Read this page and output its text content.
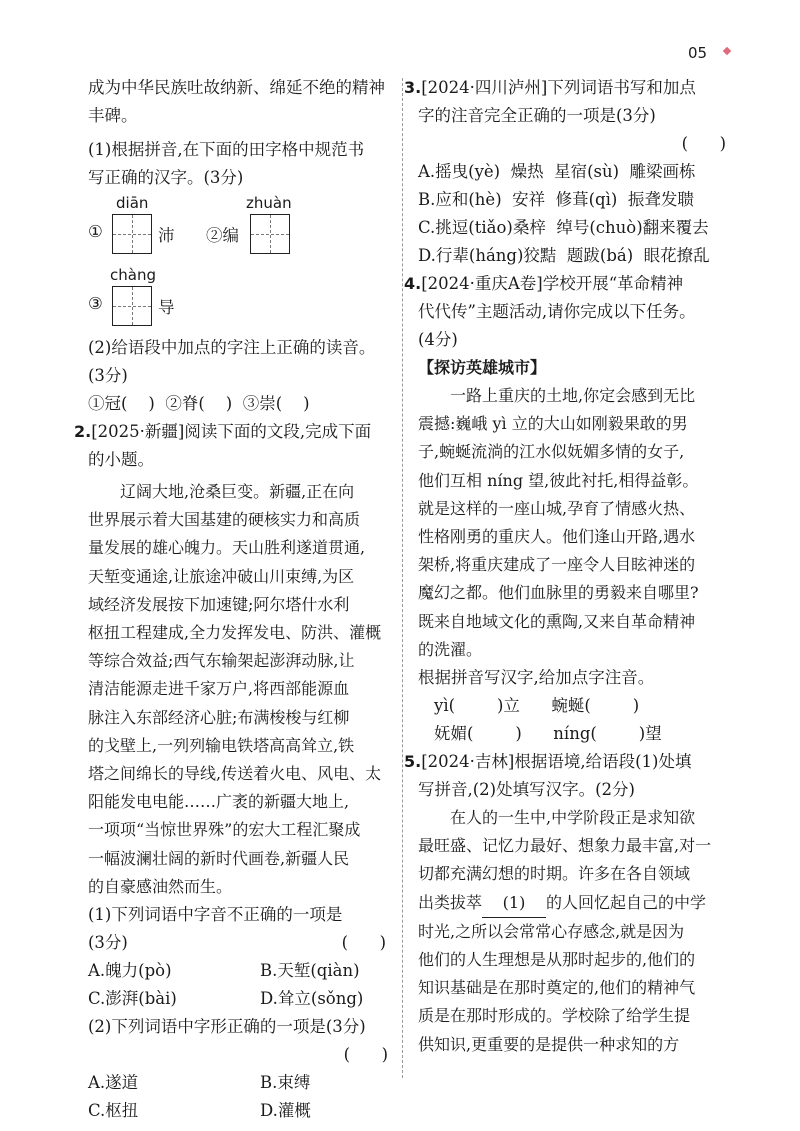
05
成为中华民族吐故纳新、绵延不绝的精神
丰碑。
(1)根据拼音,在下面的田字格中规范书
写正确的汉字。(3分)
diān
①	沛
zhuàn
②编
chàng
③	导
(2)给语段中加点的字注上正确的读音。
(3分)
①冠(    )  ②脊(    )  ③崇(    )
2.[2025·新疆]阅读下面的文段,完成下面
的小题。
辽阔大地,沧桑巨变。新疆,正在向
世界展示着大国基建的硬核实力和高质
量发展的雄心魄力。天山胜利遂道贯通,
天堑变通途,让旅途冲破山川束缚,为区
域经济发展按下加速键;阿尔塔什水利
枢扭工程建成,全力发挥发电、防洪、灌概
等综合效益;西气东输架起澎湃动脉,让
清洁能源走进千家万户,将西部能源血
脉注入东部经济心脏;布满梭梭与红柳
的戈壁上,一列列输电铁塔高高耸立,铁
塔之间绵长的导线,传送着火电、风电、太
阳能发电电能……广袤的新疆大地上,
一项项“当惊世界殊”的宏大工程汇聚成
一幅波澜壮阔的新时代画卷,新疆人民
的自豪感油然而生。
(1)下列词语中字音不正确的一项是
(3分)	(      )
A.魄力(pò)	B.天堑(qiàn)
C.澎湃(bài)	D.耸立(sǒng)
(2)下列词语中字形正确的一项是(3分)
(      )
A.遂道	B.束缚
C.枢扭	D.灌概
3.[2024·四川泸州]下列词语书写和加点
字的注音完全正确的一项是(3分)
(      )
A.摇曳(yè)  燥热  星宿(sù)  雕梁画栋
B.应和(hè)  安祥  修葺(qì)  振聋发聩
C.挑逗(tiǎo)桑梓  绰号(chuò)翻来覆去
D.行辈(háng)狡黠  题跋(bá)  眼花撩乱
4.[2024·重庆A卷]学校开展“革命精神
代代传”主题活动,请你完成以下任务。
(4分)
【探访英雄城市】
一路上重庆的土地,你定会感到无比
震撼:巍峨 yì 立的大山如刚毅果敢的男
子,蜿蜒流淌的江水似妩媚多情的女子,
他们互相 níng 望,彼此衬托,相得益彰。
就是这样的一座山城,孕育了情感火热、
性格刚勇的重庆人。他们逢山开路,遇水
架桥,将重庆建成了一座令人目眩神迷的
魔幻之都。他们血脉里的勇毅来自哪里?
既来自地域文化的熏陶,又来自革命精神
的洗濯。
根据拼音写汉字,给加点字注音。
yì(        )立      蜿蜒(        )
妩媚(        )      níng(        )望
5.[2024·吉林]根据语境,给语段(1)处填
写拼音,(2)处填写汉字。(2分)
在人的一生中,中学阶段正是求知欲
最旺盛、记忆力最好、想象力最丰富,对一
切都充满幻想的时期。许多在各自领域
出类拔萃 (1) 的人回忆起自己的中学
时光,之所以会常常心存感念,就是因为
他们的人生理想是从那时起步的,他们的
知识基础是在那时奠定的,他们的精神气
质是在那时形成的。学校除了给学生提
供知识,更重要的是提供一种求知的方
